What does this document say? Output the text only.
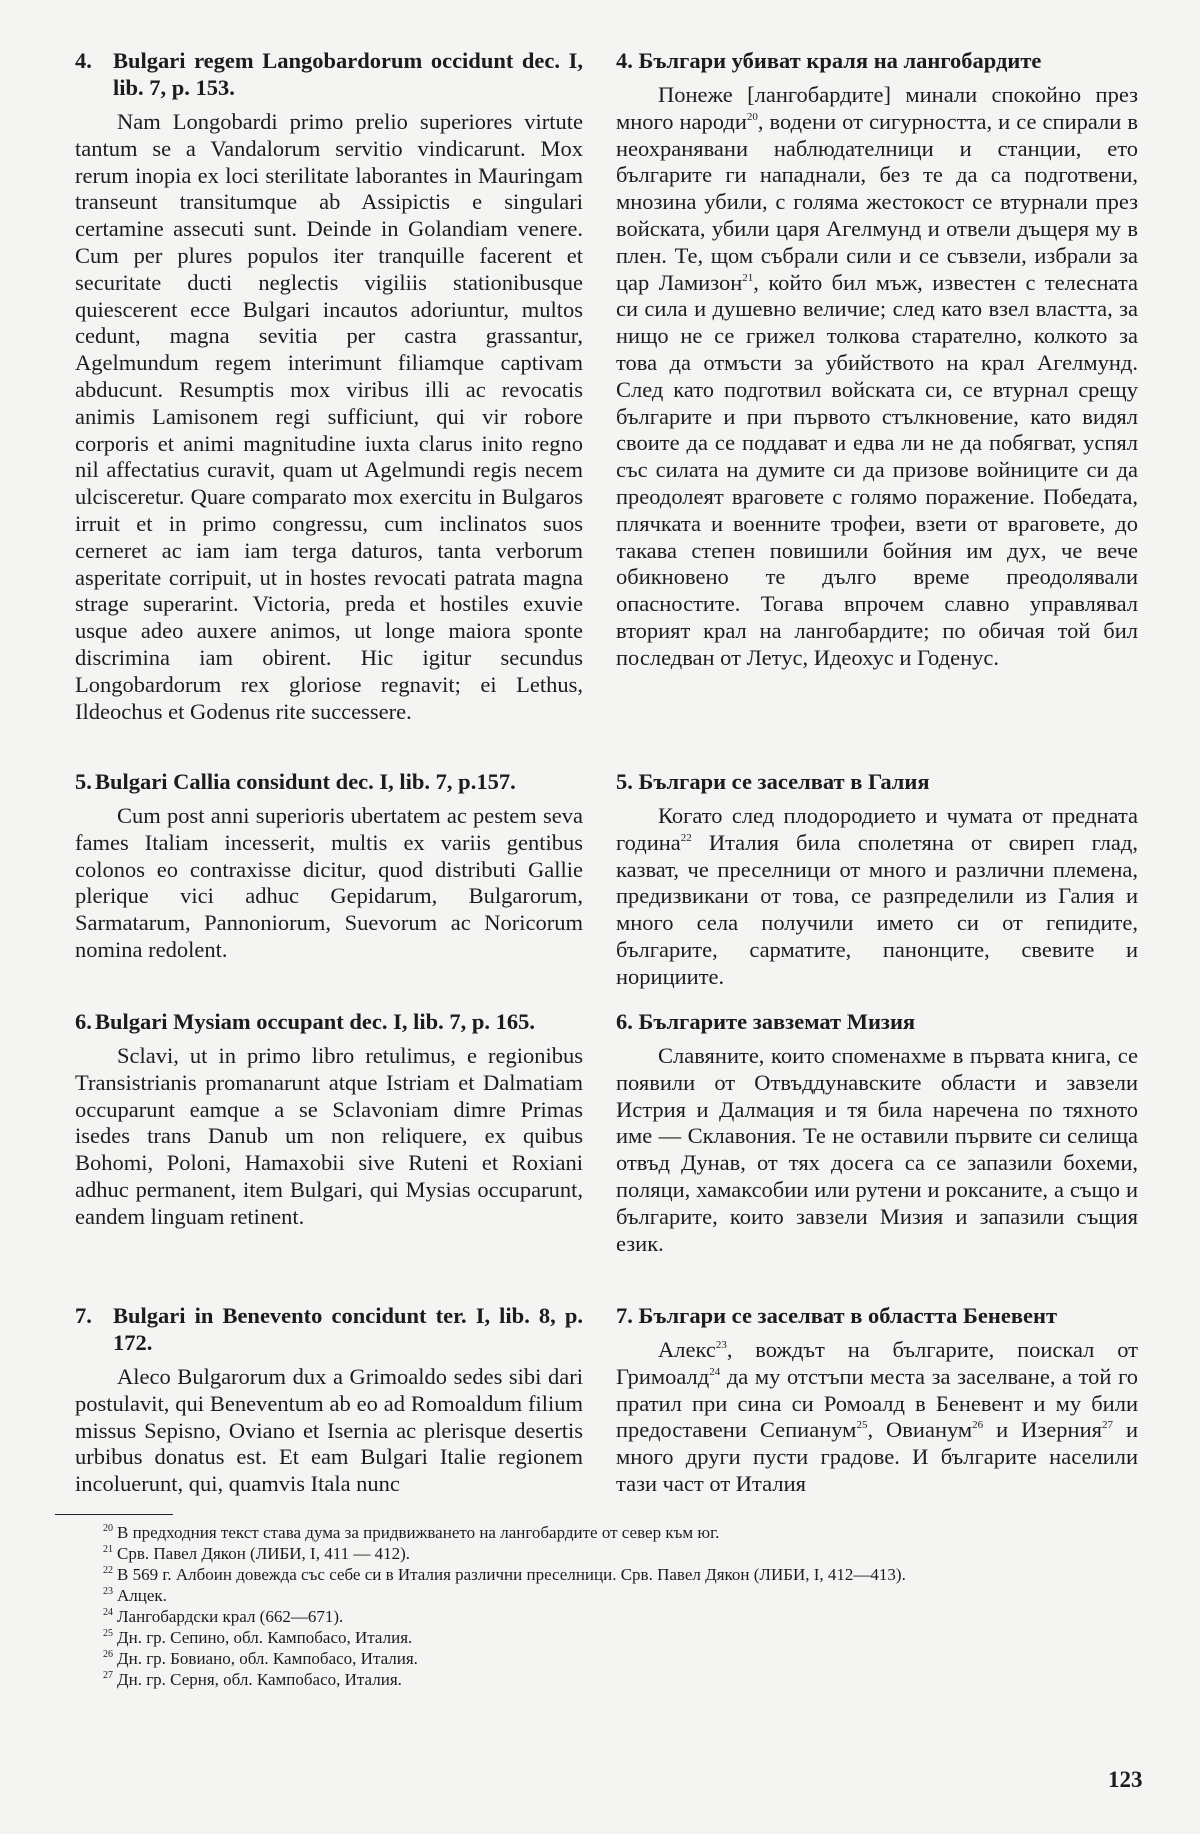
4. Bulgari regem Langobardorum occidunt dec. I, lib. 7, p. 153.

Nam Longobardi primo prelio superiores virtute tantum se a Vandalorum servitio vindicarunt. Mox rerum inopia ex loci sterilitate laborantes in Mauringam transeunt transitumque ab Assipictis e singulari certamine assecuti sunt. Deinde in Golandiam venere. Cum per plures populos iter tranquille facerent et securitate ducti neglectis vigiliis stationibusque quiescerent ecce Bulgari incautos adoriuntur, multos cedunt, magna sevitia per castra grassantur, Agelmundum regem interimunt filiamque captivam abducunt. Resumptis mox viribus illi ac revocatis animis Lamisonem regi sufficiunt, qui vir robore corporis et animi magnitudine iuxta clarus inito regno nil affectatius curavit, quam ut Agelmundi regis necem ulcisceretur. Quare comparato mox exercitu in Bulgaros irruit et in primo congressu, cum inclinatos suos cerneret ac iam iam terga daturos, tanta verborum asperitate corripuit, ut in hostes revocati patrata magna strage superarint. Victoria, preda et hostiles exuvie usque adeo auxere animos, ut longe maiora sponte discrimina iam obirent. Hic igitur secundus Longobardorum rex gloriose regnavit; ei Lethus, Ildeochus et Godenus rite successere.

5. Bulgari Callia considunt dec. I, lib. 7, p.157.

Cum post anni superioris ubertatem ac pestem seva fames Italiam incesserit, multis ex variis gentibus colonos eo contraxisse dicitur, quod distributi Gallie plerique vici adhuc Gepidarum, Bulgarorum, Sarmatarum, Pannoniorum, Suevorum ac Noricorum nomina redolent.

6. Bulgari Mysiam occupant dec. I, lib. 7, p. 165.

Sclavi, ut in primo libro retulimus, e regionibus Transistrianis promanarunt atque Istriam et Dalmatiam occuparunt eamque a se Sclavoniam dimre Primas isedes trans Danub um non reliquere, ex quibus Bohomi, Poloni, Hamaxobii sive Ruteni et Roxiani adhuc permanent, item Bulgari, qui Mysias occuparunt, eandem linguam retinent.

7. Bulgari in Benevento concidunt ter. I, lib. 8, p. 172.

Aleco Bulgarorum dux a Grimoaldo sedes sibi dari postulavit, qui Beneventum ab eo ad Romoaldum filium missus Sepisno, Oviano et Isernia ac plerisque desertis urbibus donatus est. Et eam Bulgari Italie regionem incoluerunt, qui, quamvis Itala nunc

4. Българи убиват краля на лангобардите

Понеже [лангобардите] минали спокойно през много народи$^{20}$, водени от сигурността, и се спирали в неохранявани наблюдателници и станции, ето българите ги нападнали, без те да са подготвени, мнозина убили, с голяма жестокост се втурнали през войската, убили царя Агелмунд и отвели дъщеря му в плен. Те, щом събрали сили и се съвзели, избрали за цар Ламизон$^{21}$, който бил мъж, известен с телесната си сила и душевно величие; след като взел властта, за нищо не се грижел толкова старателно, колкото за това да отмъсти за убийството на крал Агелмунд. След като подготвил войската си, се втурнал срещу българите и при първото стълкновение, като видял своите да се поддават и едва ли не да побягват, успял със силата на думите си да призове войниците си да преодолеят враговете с голямо поражение. Победата, плячката и военните трофеи, взети от враговете, до такава степен повишили бойния им дух, че вече обикновено те дълго време преодолявали опасностите. Тогава впрочем славно управлявал вторият крал на лангобардите; по обичая той бил последван от Летус, Идеохус и Годенус.

5. Българи се заселват в Галия

Когато след плодородието и чумата от предната година$^{22}$ Италия била сполетяна от свиреп глад, казват, че преселници от много и различни племена, предизвикани от това, се разпределили из Галия и много села получили името си от гепидите, българите, сарматите, панонците, свевите и норициите.

6. Българите завземат Мизия

Славяните, които споменахме в първата книга, се появили от Отвъддунавските области и завзели Истрия и Далмация и тя била наречена по тяхното име — Склавония. Те не оставили първите си селища отвъд Дунав, от тях досега са се запазили бохеми, поляци, хамаксобии или рутени и роксаните, а също и българите, които завзели Мизия и запазили същия език.

7. Българи се заселват в областта Беневент

Алекс$^{23}$, вождът на българите, поискал от Гримоалд$^{24}$ да му отстъпи места за заселване, а той го пратил при сина си Ромоалд в Беневент и му били предоставени Сепианум$^{25}$, Овианум$^{26}$ и Изерния$^{27}$ и много други пусти градове. И българите населили тази част от Италия

$^{20}$ В предходния текст става дума за придвижването на лангобардите от север към юг.
$^{21}$ Срв. Павел Дякон (ЛИБИ, I, 411 — 412).
$^{22}$ В 569 г. Албоин довежда със себе си в Италия различни преселници. Срв. Павел Дякон (ЛИБИ, I, 412—413).
$^{23}$ Алцек.
$^{24}$ Лангобардски крал (662—671).
$^{25}$ Дн. гр. Сепино, обл. Кампобасо, Италия.
$^{26}$ Дн. гр. Бовиано, обл. Кампобасо, Италия.
$^{27}$ Дн. гр. Серня, обл. Кампобасо, Италия.
123
